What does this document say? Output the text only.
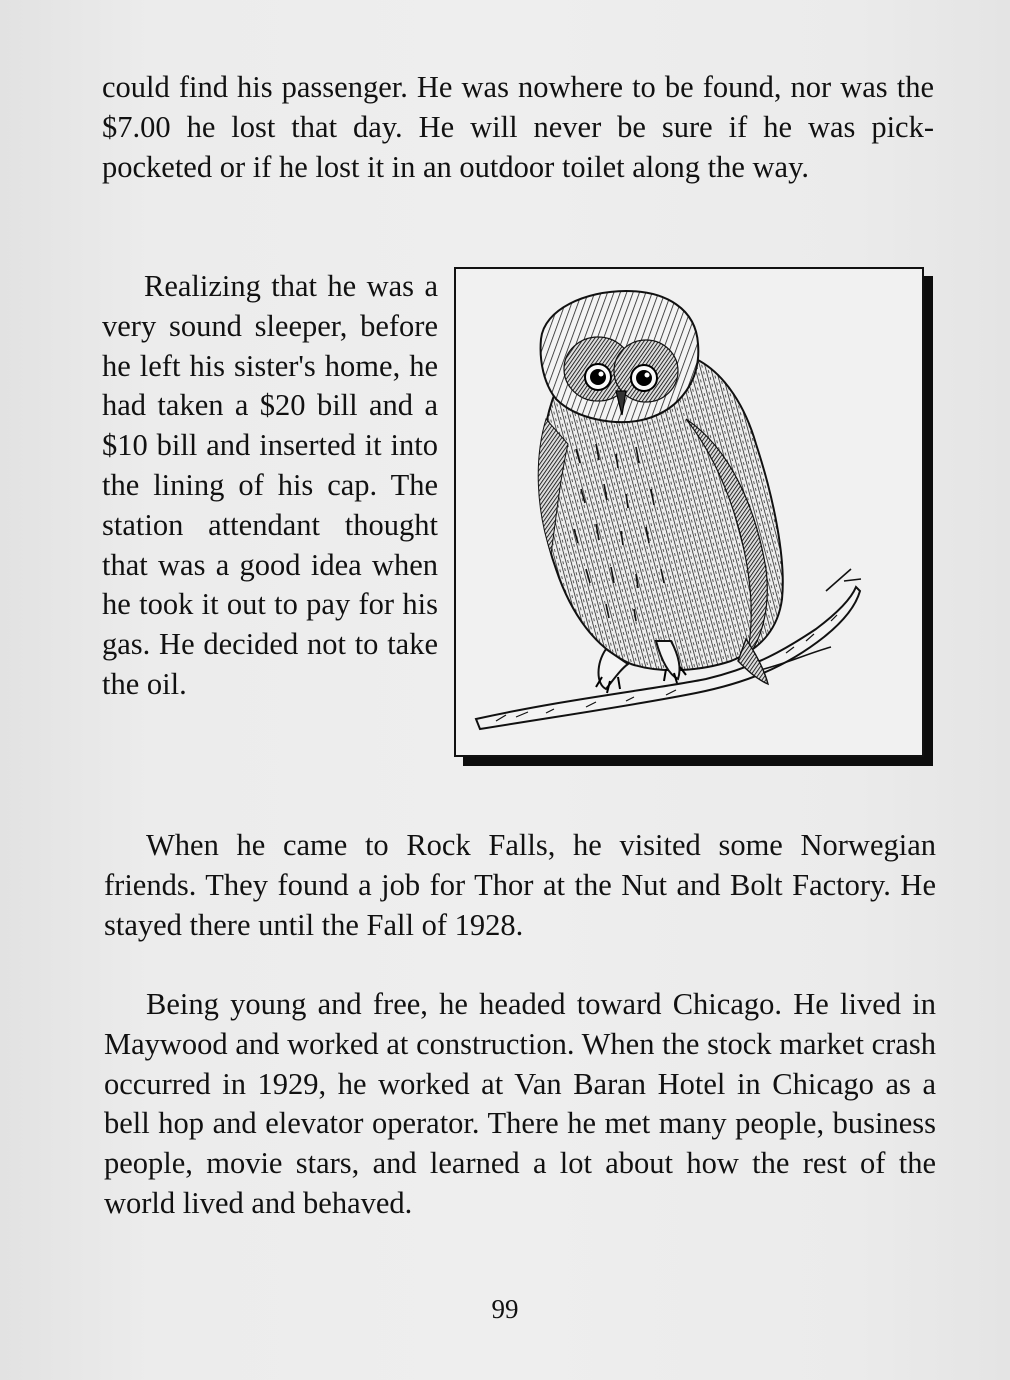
could find his passenger. He was nowhere to be found, nor was the $7.00 he lost that day. He will never be sure if he was pick-pocketed or if he lost it in an outdoor toilet along the way.

Realizing that he was a very sound sleeper, before he left his sister's home, he had taken a $20 bill and a $10 bill and inserted it into the lining of his cap. The station attendant thought that was a good idea when he took it out to pay for his gas. He decided not to take the oil.

When he came to Rock Falls, he visited some Norwegian friends. They found a job for Thor at the Nut and Bolt Factory. He stayed there until the Fall of 1928.

Being young and free, he headed toward Chicago. He lived in Maywood and worked at construction. When the stock market crash occurred in 1929, he worked at Van Baran Hotel in Chicago as a bell hop and elevator operator. There he met many people, business people, movie stars, and learned a lot about how the rest of the world lived and behaved.

99
